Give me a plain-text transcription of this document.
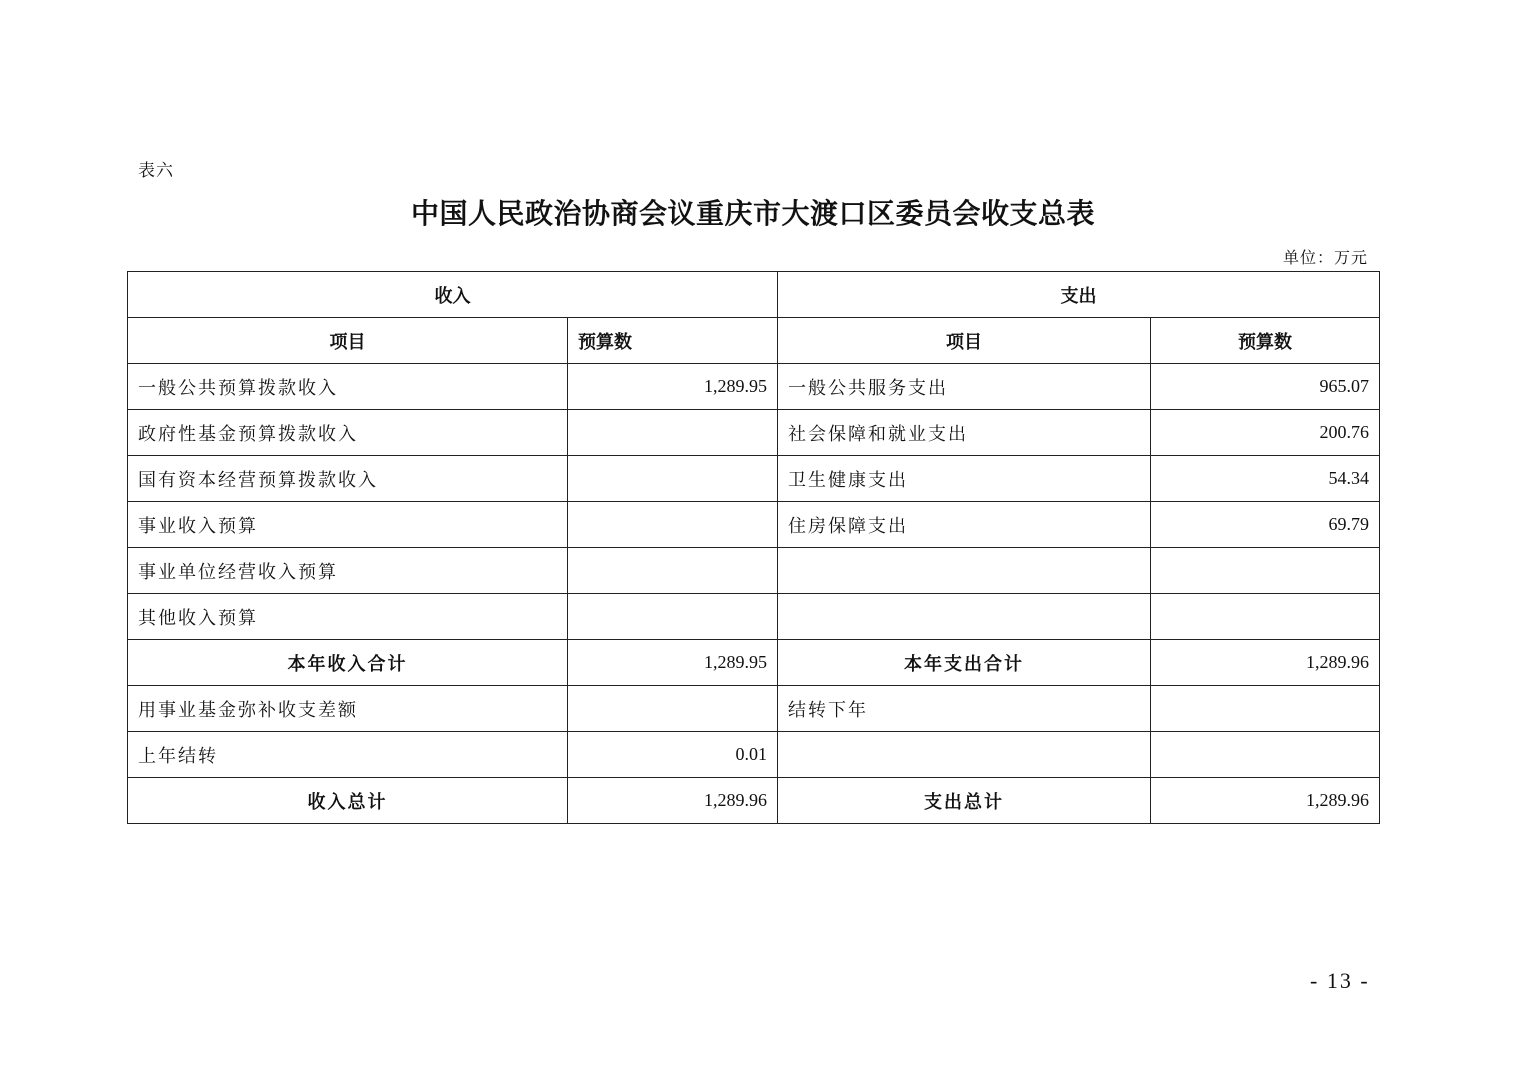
表六
中国人民政治协商会议重庆市大渡口区委员会收支总表
单位：万元
收入		支出	
项目	预算数	项目	预算数
一般公共预算拨款收入	1,289.95	一般公共服务支出	965.07
政府性基金预算拨款收入		社会保障和就业支出	200.76
国有资本经营预算拨款收入		卫生健康支出	54.34
事业收入预算		住房保障支出	69.79
事业单位经营收入预算			
其他收入预算			
本年收入合计	1,289.95	本年支出合计	1,289.96
用事业基金弥补收支差额		结转下年	
上年结转	0.01		
收入总计	1,289.96	支出总计	1,289.96
- 13 -
